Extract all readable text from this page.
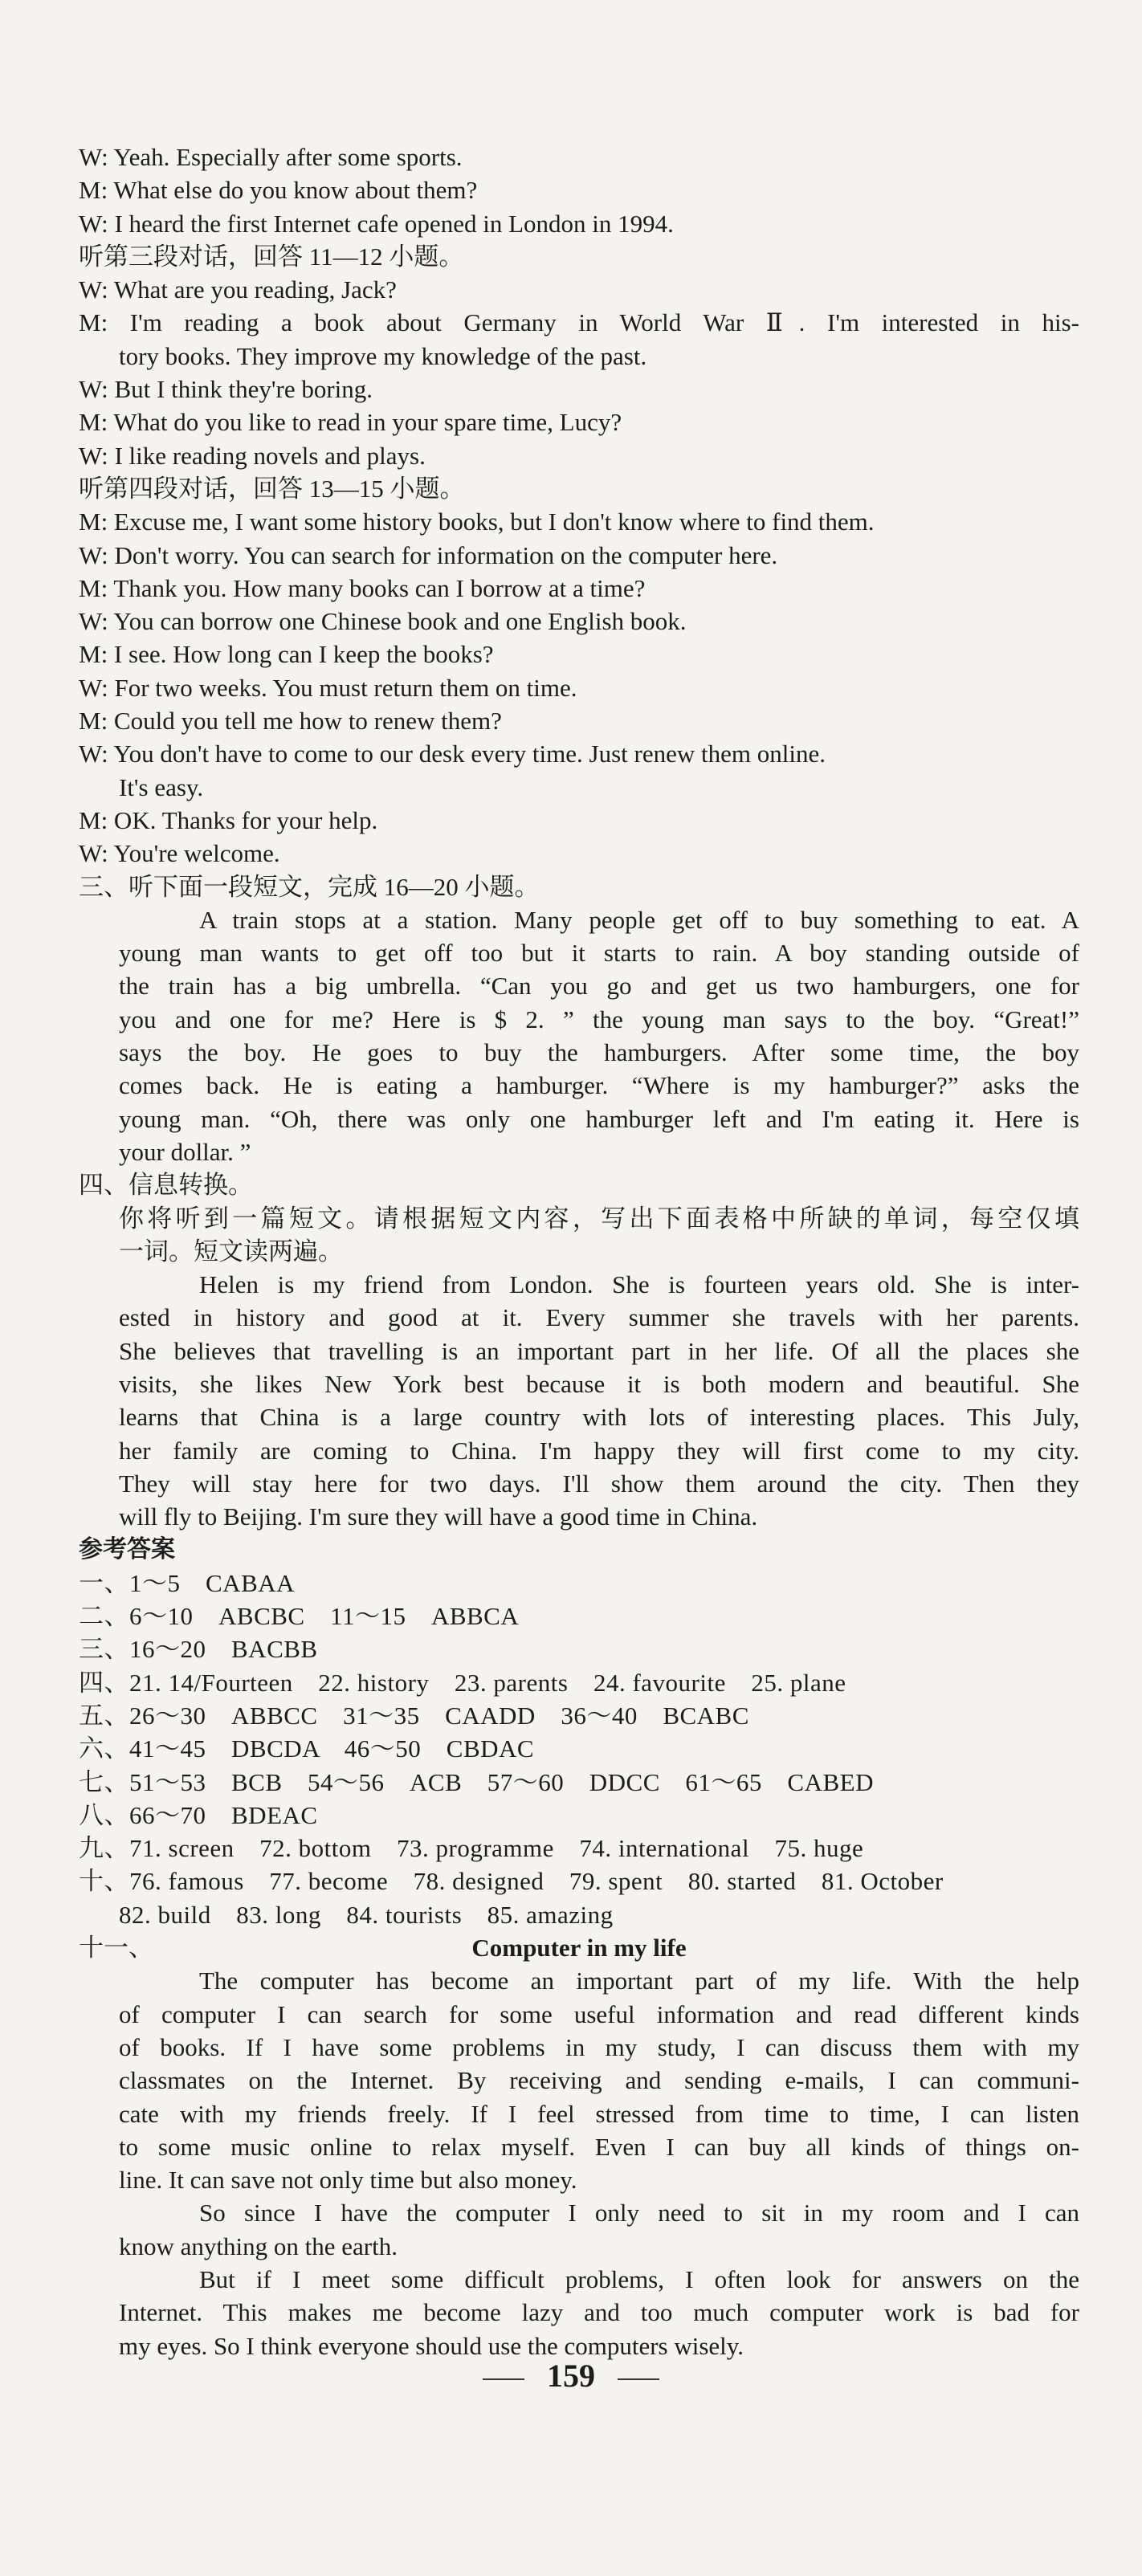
W: Yeah. Especially after some sports.
M: What else do you know about them?
W: I heard the first Internet cafe opened in London in 1994.
听第三段对话，回答 11—12 小题。
W: What are you reading, Jack?
M: I'm reading a book about Germany in World War Ⅱ. I'm interested in his-
tory books. They improve my knowledge of the past.
W: But I think they're boring.
M: What do you like to read in your spare time, Lucy?
W: I like reading novels and plays.
听第四段对话，回答 13—15 小题。
M: Excuse me, I want some history books, but I don't know where to find them.
W: Don't worry. You can search for information on the computer here.
M: Thank you. How many books can I borrow at a time?
W: You can borrow one Chinese book and one English book.
M: I see. How long can I keep the books?
W: For two weeks. You must return them on time.
M: Could you tell me how to renew them?
W: You don't have to come to our desk every time. Just renew them online.
It's easy.
M: OK. Thanks for your help.
W: You're welcome.
三、听下面一段短文，完成 16—20 小题。
A train stops at a station. Many people get off to buy something to eat. A
young man wants to get off too but it starts to rain. A boy standing outside of
the train has a big umbrella. “Can you go and get us two hamburgers, one for
you and one for me? Here is $ 2. ” the young man says to the boy. “Great!”
says the boy. He goes to buy the hamburgers. After some time, the boy
comes back. He is eating a hamburger. “Where is my hamburger?” asks the
young man. “Oh, there was only one hamburger left and I'm eating it. Here is
your dollar. ”
四、信息转换。
你将听到一篇短文。请根据短文内容，写出下面表格中所缺的单词，每空仅填
一词。短文读两遍。
Helen is my friend from London. She is fourteen years old. She is inter-
ested in history and good at it. Every summer she travels with her parents.
She believes that travelling is an important part in her life. Of all the places she
visits, she likes New York best because it is both modern and beautiful. She
learns that China is a large country with lots of interesting places. This July,
her family are coming to China. I'm happy they will first come to my city.
They will stay here for two days. I'll show them around the city. Then they
will fly to Beijing. I'm sure they will have a good time in China.
参考答案
一、1～5　CABAA
二、6～10　ABCBC　11～15　ABBCA
三、16～20　BACBB
四、21. 14/Fourteen　22. history　23. parents　24. favourite　25. plane
五、26～30　ABBCC　31～35　CAADD　36～40　BCABC
六、41～45　DBCDA　46～50　CBDAC
七、51～53　BCB　54～56　ACB　57～60　DDCC　61～65　CABED
八、66～70　BDEAC
九、71. screen　72. bottom　73. programme　74. international　75. huge
十、76. famous　77. become　78. designed　79. spent　80. started　81. October
82. build　83. long　84. tourists　85. amazing
十一、	Computer in my life
The computer has become an important part of my life. With the help
of computer I can search for some useful information and read different kinds
of books. If I have some problems in my study, I can discuss them with my
classmates on the Internet. By receiving and sending e-mails, I can communi-
cate with my friends freely. If I feel stressed from time to time, I can listen
to some music online to relax myself. Even I can buy all kinds of things on-
line. It can save not only time but also money.
So since I have the computer I only need to sit in my room and I can
know anything on the earth.
But if I meet some difficult problems, I often look for answers on the
Internet. This makes me become lazy and too much computer work is bad for
my eyes. So I think everyone should use the computers wisely.
159
